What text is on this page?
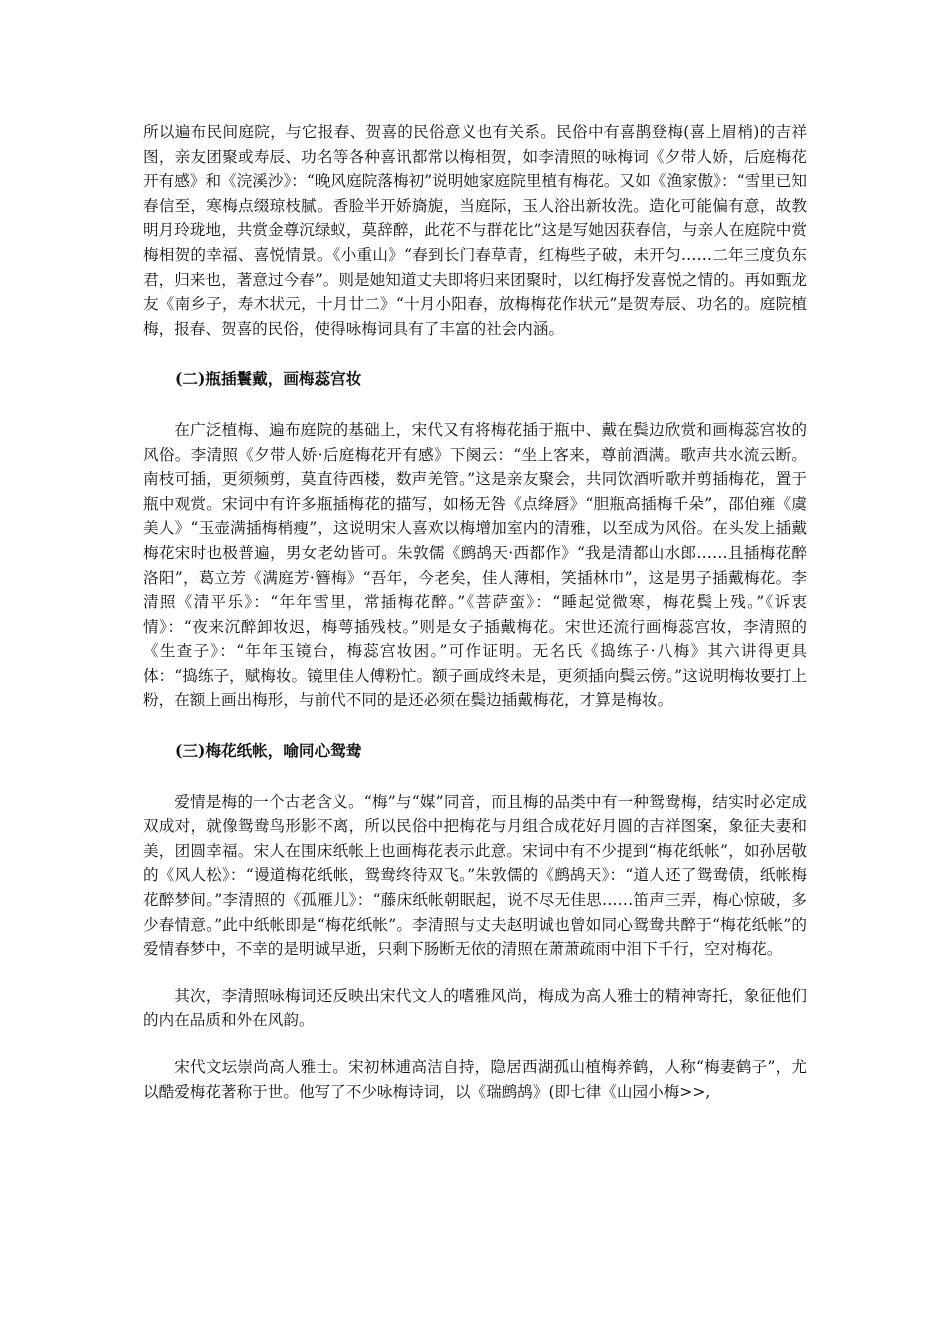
所以遍布民间庭院，与它报春、贺喜的民俗意义也有关系。民俗中有喜鹊登梅(喜上眉梢)的吉祥图，亲友团聚或寿辰、功名等各种喜讯都常以梅相贺，如李清照的咏梅词《夕带人娇，后庭梅花开有感》和《浣溪沙》：“晚风庭院落梅初”说明她家庭院里植有梅花。又如《渔家傲》：“雪里已知春信至，寒梅点缀琼枝腻。香脸半开娇旖旎，当庭际，玉人浴出新妆洗。造化可能偏有意，故教明月玲珑地，共赏金尊沉绿蚁，莫辞醉，此花不与群花比”这是写她因获春信，与亲人在庭院中赏梅相贺的幸福、喜悦情景。《小重山》“春到长门春草青，红梅些子破，未开匀……二年三度负东君，归来也，著意过今春”。则是她知道丈夫即将归来团聚时，以红梅抒发喜悦之情的。再如甄龙友《南乡子，寿木状元，十月廿二》“十月小阳春，放梅梅花作状元”是贺寿辰、功名的。庭院植梅，报春、贺喜的民俗，使得咏梅词具有了丰富的社会内涵。

(二)瓶插鬟戴，画梅蕊宫妆

在广泛植梅、遍布庭院的基础上，宋代又有将梅花插于瓶中、戴在鬓边欣赏和画梅蕊宫妆的风俗。李清照《夕带人娇·后庭梅花开有感》下阕云：“坐上客来，尊前酒满。歌声共水流云断。南枝可插，更须频剪，莫直待西楼，数声羌管。”这是亲友聚会，共同饮酒听歌并剪插梅花，置于瓶中观赏。宋词中有许多瓶插梅花的描写，如杨无咎《点绛唇》“胆瓶高插梅千朵”，邵伯雍《虞美人》“玉壶满插梅梢瘦”，这说明宋人喜欢以梅增加室内的清雅，以至成为风俗。在头发上插戴梅花宋时也极普遍，男女老幼皆可。朱敦儒《鹧鸪天·西都作》“我是清都山水郎……且插梅花醉洛阳”，葛立芳《满庭芳·簪梅》“吾年，今老矣，佳人薄相，笑插林巾”，这是男子插戴梅花。李清照《清平乐》：“年年雪里，常插梅花醉。”《菩萨蛮》：“睡起觉微寒，梅花鬓上残。”《诉衷情》：“夜来沉醉卸妆迟，梅萼插残枝。”则是女子插戴梅花。宋世还流行画梅蕊宫妆，李清照的《生查子》：“年年玉镜台，梅蕊宫妆困。”可作证明。无名氏《捣练子·八梅》其六讲得更具体：“捣练子，赋梅妆。镜里佳人傅粉忙。额子画成终未是，更须插向鬓云傍。”这说明梅妆要打上粉，在额上画出梅形，与前代不同的是还必须在鬓边插戴梅花，才算是梅妆。

(三)梅花纸帐，喻同心鸳鸯

爱情是梅的一个古老含义。“梅”与“媒”同音，而且梅的品类中有一种鸳鸯梅，结实时必定成双成对，就像鸳鸯鸟形影不离，所以民俗中把梅花与月组合成花好月圆的吉祥图案，象征夫妻和美，团圆幸福。宋人在围床纸帐上也画梅花表示此意。宋词中有不少提到“梅花纸帐”，如孙居敬的《风人松》：“谩道梅花纸帐，鸳鸯终待双飞。”朱敦儒的《鹧鸪天》：“道人还了鸳鸯债，纸帐梅花醉梦间。”李清照的《孤雁儿》：“藤床纸帐朝眠起，说不尽无佳思……笛声三弄，梅心惊破，多少春情意。”此中纸帐即是“梅花纸帐”。李清照与丈夫赵明诚也曾如同心鸳鸯共醉于“梅花纸帐”的爱情春梦中，不幸的是明诚早逝，只剩下肠断无依的清照在萧萧疏雨中泪下千行，空对梅花。

其次，李清照咏梅词还反映出宋代文人的嗜雅风尚，梅成为高人雅士的精神寄托，象征他们的内在品质和外在风韵。

宋代文坛崇尚高人雅士。宋初林逋高洁自持，隐居西湖孤山植梅养鹤，人称“梅妻鹤子”，尤以酷爱梅花著称于世。他写了不少咏梅诗词，以《瑞鹧鸪》(即七律《山园小梅>>,
